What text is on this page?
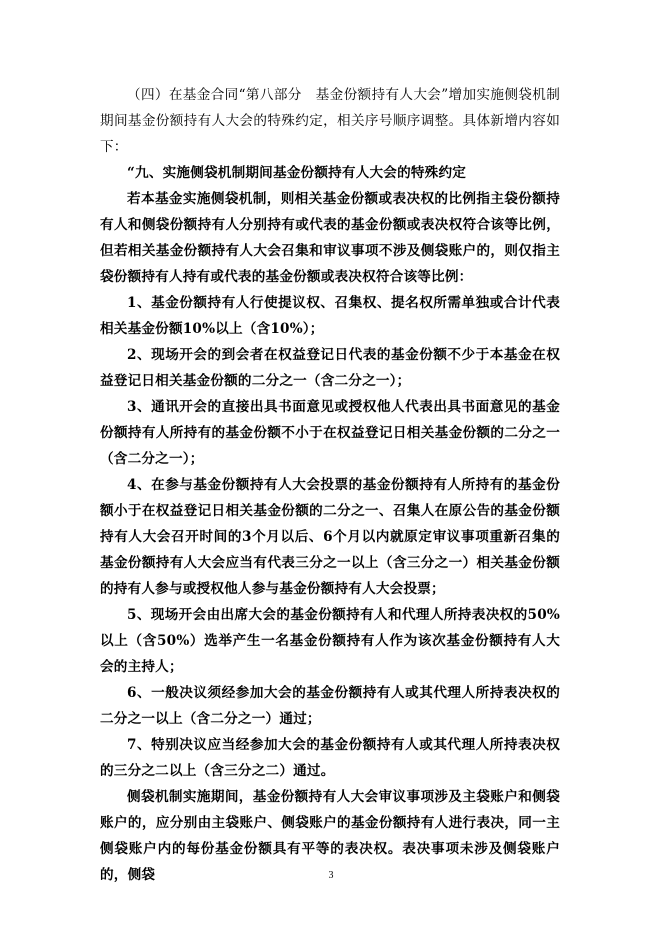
（四）在基金合同“第八部分　基金份额持有人大会”增加实施侧袋机制期间基金份额持有人大会的特殊约定，相关序号顺序调整。具体新增内容如下：

“九、实施侧袋机制期间基金份额持有人大会的特殊约定

若本基金实施侧袋机制，则相关基金份额或表决权的比例指主袋份额持有人和侧袋份额持有人分别持有或代表的基金份额或表决权符合该等比例，但若相关基金份额持有人大会召集和审议事项不涉及侧袋账户的，则仅指主袋份额持有人持有或代表的基金份额或表决权符合该等比例：

1、基金份额持有人行使提议权、召集权、提名权所需单独或合计代表相关基金份额10%以上（含10%）；

2、现场开会的到会者在权益登记日代表的基金份额不少于本基金在权益登记日相关基金份额的二分之一（含二分之一）；

3、通讯开会的直接出具书面意见或授权他人代表出具书面意见的基金份额持有人所持有的基金份额不小于在权益登记日相关基金份额的二分之一（含二分之一）；

4、在参与基金份额持有人大会投票的基金份额持有人所持有的基金份额小于在权益登记日相关基金份额的二分之一、召集人在原公告的基金份额持有人大会召开时间的3个月以后、6个月以内就原定审议事项重新召集的基金份额持有人大会应当有代表三分之一以上（含三分之一）相关基金份额的持有人参与或授权他人参与基金份额持有人大会投票；

5、现场开会由出席大会的基金份额持有人和代理人所持表决权的50%以上（含50%）选举产生一名基金份额持有人作为该次基金份额持有人大会的主持人；

6、一般决议须经参加大会的基金份额持有人或其代理人所持表决权的二分之一以上（含二分之一）通过；

7、特别决议应当经参加大会的基金份额持有人或其代理人所持表决权的三分之二以上（含三分之二）通过。

侧袋机制实施期间，基金份额持有人大会审议事项涉及主袋账户和侧袋账户的，应分别由主袋账户、侧袋账户的基金份额持有人进行表决，同一主侧袋账户内的每份基金份额具有平等的表决权。表决事项未涉及侧袋账户的，侧袋	3
